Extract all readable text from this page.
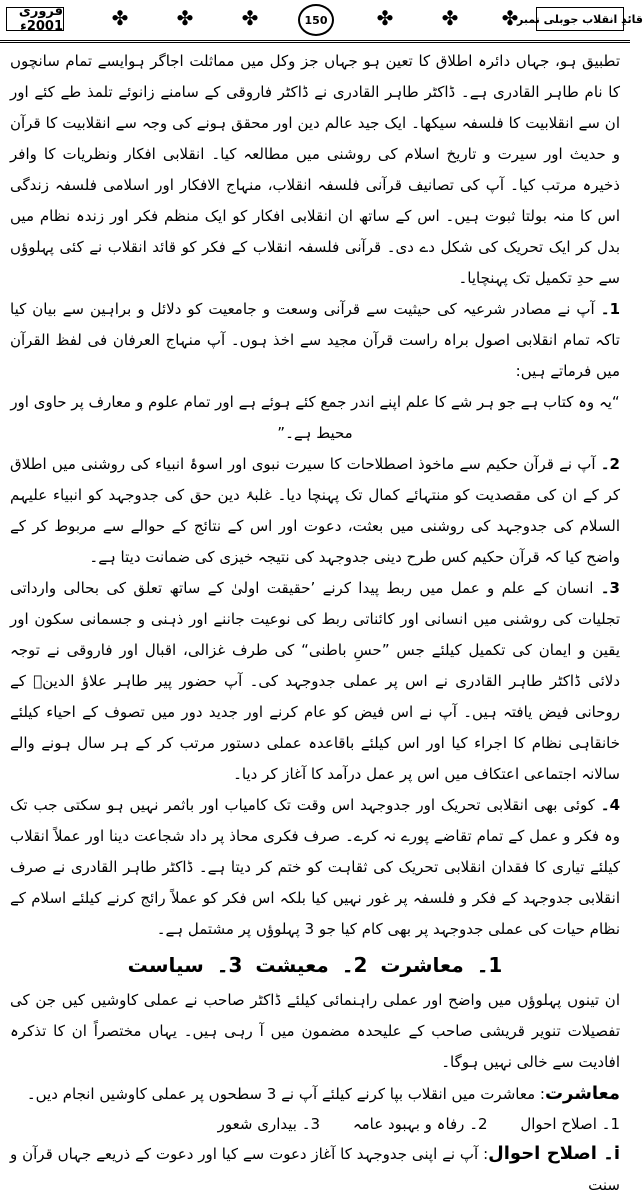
قائدِ انقلاب جوبلی نمبر
✤
✤
✤
150
✤
✤
✤
فروری 2001ء

تطبیق ہو، جہاں دائرہ اطلاق کا تعین ہو جہاں جز وکل میں مماثلت اجاگر ہوایسے تمام سانچوں کا نام طاہر القادری ہے۔ ڈاکٹر طاہر القادری نے ڈاکٹر فاروقی کے سامنے زانوئے تلمذ طے کئے اور ان سے انقلابیت کا فلسفہ سیکھا۔ ایک جید عالم دین اور محقق ہونے کی وجہ سے انقلابیت کا قرآن و حدیث اور سیرت و تاریخ اسلام کی روشنی میں مطالعہ کیا۔ انقلابی افکار ونظریات کا وافر ذخیرہ مرتب کیا۔ آپ کی تصانیف قرآنی فلسفہ انقلاب، منہاج الافکار اور اسلامی فلسفہ زندگی اس کا منہ بولتا ثبوت ہیں۔ اس کے ساتھ ان انقلابی افکار کو ایک منظم فکر اور زندہ نظام میں بدل کر ایک تحریک کی شکل دے دی۔ قرآنی فلسفہ انقلاب کے فکر کو قائد انقلاب نے کئی پہلوؤں سے حدِ تکمیل تک پہنچایا۔

1۔ آپ نے مصادر شرعیہ کی حیثیت سے قرآنی وسعت و جامعیت کو دلائل و براہین سے بیان کیا تاکہ تمام انقلابی اصول براہ راست قرآن مجید سے اخذ ہوں۔ آپ منہاج العرفان فی لفظ القرآن میں فرماتے ہیں:

“یہ وہ کتاب ہے جو ہر شے کا علم اپنے اندر جمع کئے ہوئے ہے اور تمام علوم و معارف پر حاوی اور محیط ہے۔”

2۔ آپ نے قرآن حکیم سے ماخوذ اصطلاحات کا سیرت نبوی اور اسوۂ انبیاء کی روشنی میں اطلاق کر کے ان کی مقصدیت کو منتہائے کمال تک پہنچا دیا۔ غلبۂ دین حق کی جدوجہد کو انبیاء علیہم السلام کی جدوجہد کی روشنی میں بعثت، دعوت اور اس کے نتائج کے حوالے سے مربوط کر کے واضح کیا کہ قرآن حکیم کس طرح دینی جدوجہد کی نتیجہ خیزی کی ضمانت دیتا ہے۔

3۔ انسان کے علم و عمل میں ربط پیدا کرنے ’حقیقت اولیٰ کے ساتھ تعلق کی بحالی وارداتی تجلیات کی روشنی میں انسانی اور کائناتی ربط کی نوعیت جاننے اور ذہنی و جسمانی سکون اور یقین و ایمان کی تکمیل کیلئے جس ”حسِ باطنی“ کی طرف غزالی، اقبال اور فاروقی نے توجہ دلائی ڈاکٹر طاہر القادری نے اس پر عملی جدوجہد کی۔ آپ حضور پیر طاہر علاؤ الدینؒ کے روحانی فیض یافتہ ہیں۔ آپ نے اس فیض کو عام کرنے اور جدید دور میں تصوف کے احیاء کیلئے خانقاہی نظام کا اجراء کیا اور اس کیلئے باقاعدہ عملی دستور مرتب کر کے ہر سال ہونے والے سالانہ اجتماعی اعتکاف میں اس پر عمل درآمد کا آغاز کر دیا۔

4۔ کوئی بھی انقلابی تحریک اور جدوجہد اس وقت تک کامیاب اور باثمر نہیں ہو سکتی جب تک وہ فکر و عمل کے تمام تقاضے پورے نہ کرے۔ صرف فکری محاذ پر داد شجاعت دینا اور عملاً انقلاب کیلئے تیاری کا فقدان انقلابی تحریک کی ثقاہت کو ختم کر دیتا ہے۔ ڈاکٹر طاہر القادری نے صرف انقلابی جدوجہد کے فکر و فلسفہ پر غور نہیں کیا بلکہ اس فکر کو عملاً رائج کرنے کیلئے اسلام کے نظام حیات کی عملی جدوجہد پر بھی کام کیا جو 3 پہلوؤں پر مشتمل ہے۔

1۔ معاشرت 2۔ معیشت 3۔ سیاست

ان تینوں پہلوؤں میں واضح اور عملی راہنمائی کیلئے ڈاکٹر صاحب نے عملی کاوشیں کیں جن کی تفصیلات تنویر قریشی صاحب کے علیحدہ مضمون میں آ رہی ہیں۔ یہاں مختصراً ان کا تذکرہ افادیت سے خالی نہیں ہوگا۔

معاشرت: معاشرت میں انقلاب بپا کرنے کیلئے آپ نے 3 سطحوں پر عملی کاوشیں انجام دیں۔

1۔ اصلاح احوال 2۔ رفاہ و بہبود عامہ 3۔ بیداری شعور

i۔ اصلاح احوال: آپ نے اپنی جدوجہد کا آغاز دعوت سے کیا اور دعوت کے ذریعے جہاں قرآن و سنت
